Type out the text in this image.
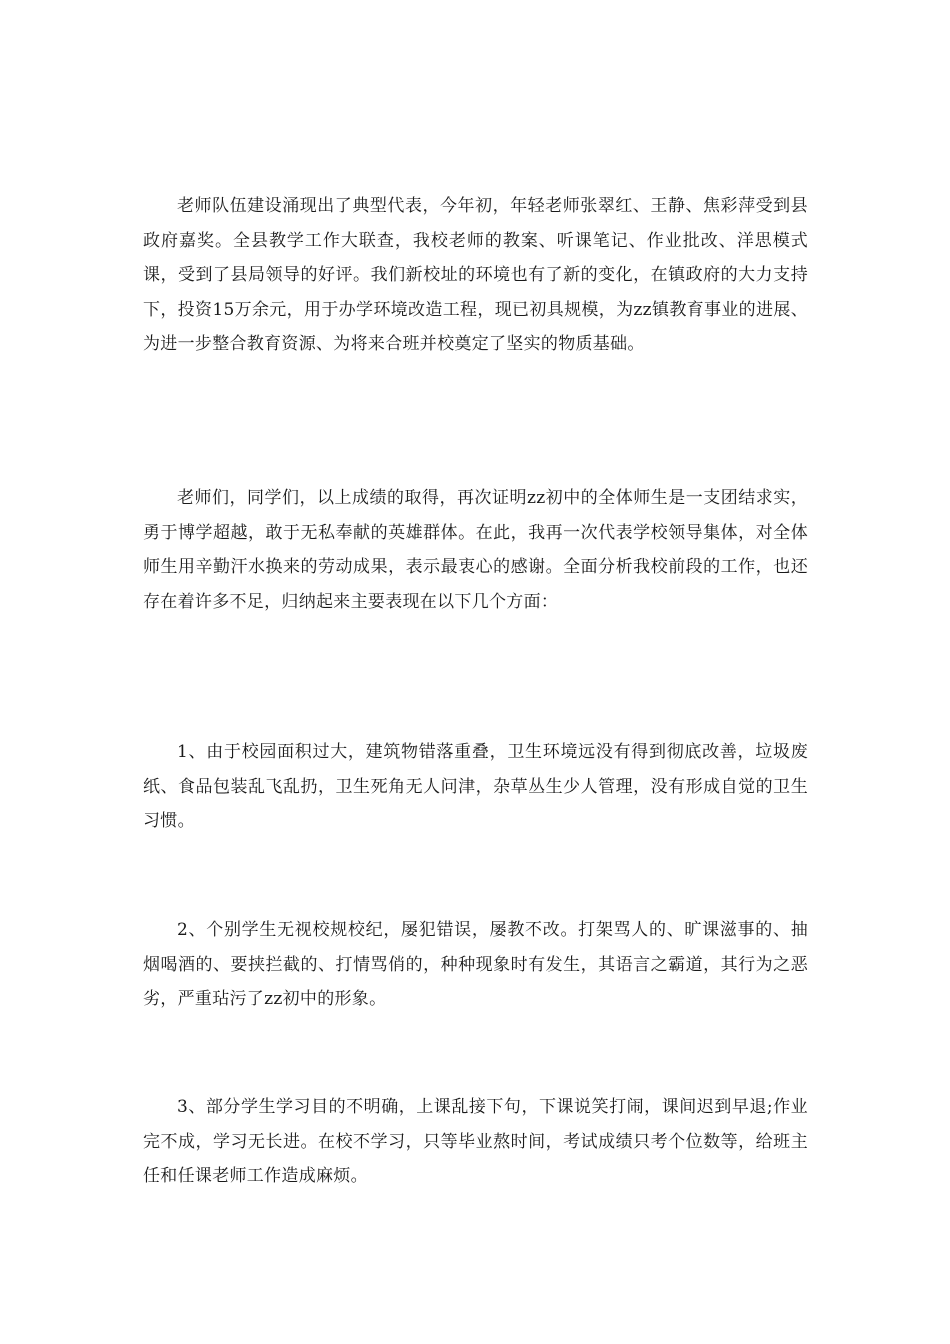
老师队伍建设涌现出了典型代表，今年初，年轻老师张翠红、王静、焦彩萍受到县政府嘉奖。全县教学工作大联查，我校老师的教案、听课笔记、作业批改、洋思模式课，受到了县局领导的好评。我们新校址的环境也有了新的变化，在镇政府的大力支持下，投资15万余元，用于办学环境改造工程，现已初具规模，为zz镇教育事业的进展、为进一步整合教育资源、为将来合班并校奠定了坚实的物质基础。

老师们，同学们，以上成绩的取得，再次证明zz初中的全体师生是一支团结求实，勇于博学超越，敢于无私奉献的英雄群体。在此，我再一次代表学校领导集体，对全体师生用辛勤汗水换来的劳动成果，表示最衷心的感谢。全面分析我校前段的工作，也还存在着许多不足，归纳起来主要表现在以下几个方面：

1、由于校园面积过大，建筑物错落重叠，卫生环境远没有得到彻底改善，垃圾废纸、食品包装乱飞乱扔，卫生死角无人问津，杂草丛生少人管理，没有形成自觉的卫生习惯。

2、个别学生无视校规校纪，屡犯错误，屡教不改。打架骂人的、旷课滋事的、抽烟喝酒的、要挟拦截的、打情骂俏的，种种现象时有发生，其语言之霸道，其行为之恶劣，严重玷污了zz初中的形象。

3、部分学生学习目的不明确，上课乱接下句，下课说笑打闹，课间迟到早退;作业完不成，学习无长进。在校不学习，只等毕业熬时间，考试成绩只考个位数等，给班主任和任课老师工作造成麻烦。
